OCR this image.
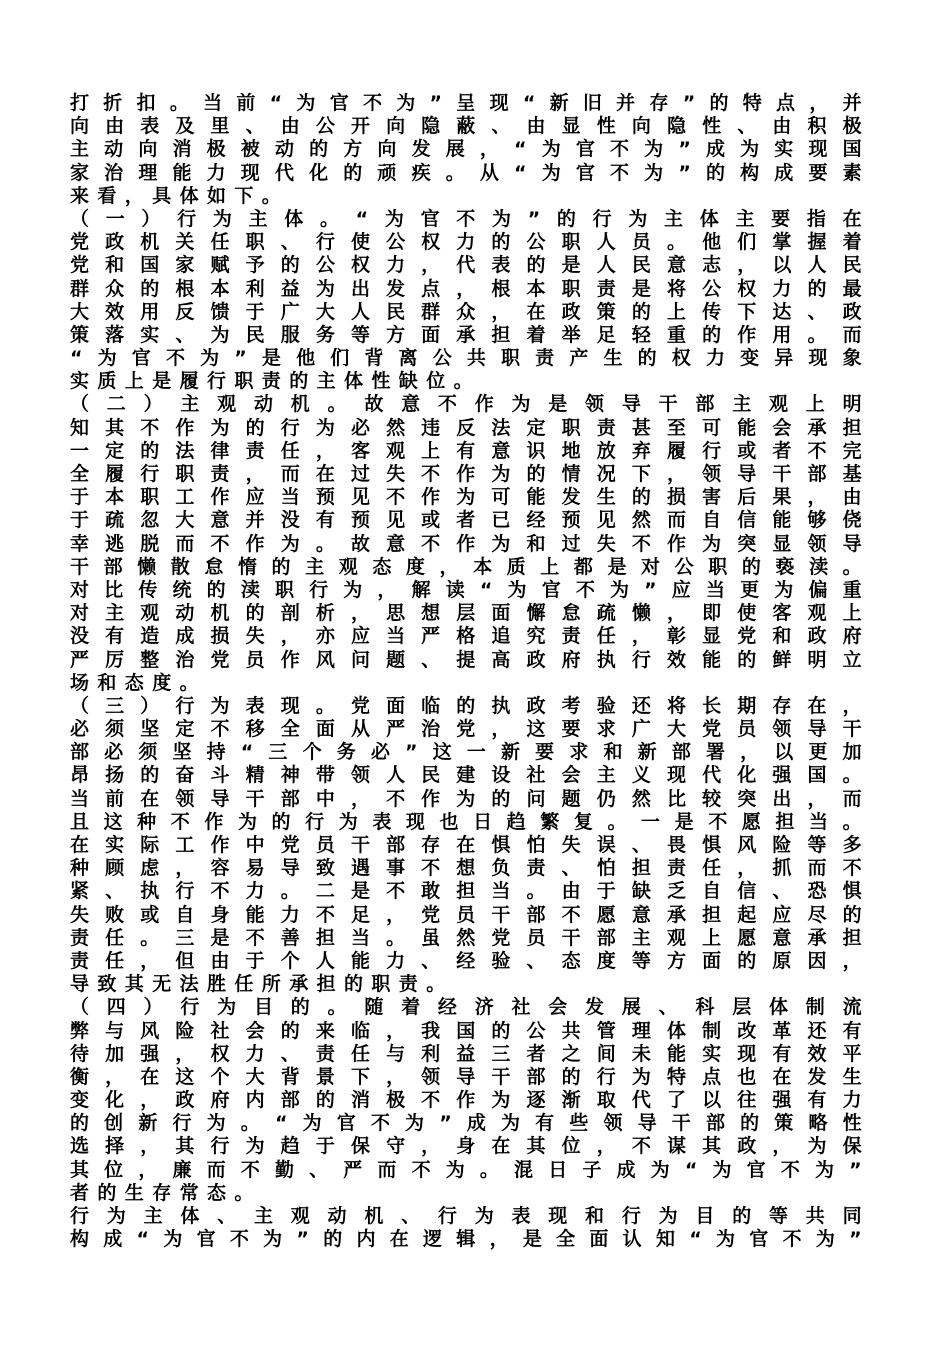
打折扣。当前“为官不为”呈现“新旧并存”的特点，并
向由表及里、由公开向隐蔽、由显性向隐性、由积极
主动向消极被动的方向发展，“为官不为”成为实现国
家治理能力现代化的顽疾。从“为官不为”的构成要素
来看，具体如下。
（一）行为主体。“为官不为”的行为主体主要指在
党政机关任职、行使公权力的公职人员。他们掌握着
党和国家赋予的公权力，代表的是人民意志，以人民
群众的根本利益为出发点，根本职责是将公权力的最
大效用反馈于广大人民群众，在政策的上传下达、政
策落实、为民服务等方面承担着举足轻重的作用。而
“为官不为”是他们背离公共职责产生的权力变异现象
实质上是履行职责的主体性缺位。
（二）主观动机。故意不作为是领导干部主观上明
知其不作为的行为必然违反法定职责甚至可能会承担
一定的法律责任，客观上有意识地放弃履行或者不完
全履行职责，而在过失不作为的情况下，领导干部基
于本职工作应当预见不作为可能发生的损害后果，由
于疏忽大意并没有预见或者已经预见然而自信能够侥
幸逃脱而不作为。故意不作为和过失不作为突显领导
干部懒散怠惰的主观态度，本质上都是对公职的亵渎。
对比传统的渎职行为，解读“为官不为”应当更为偏重
对主观动机的剖析，思想层面懈怠疏懒，即使客观上
没有造成损失，亦应当严格追究责任，彰显党和政府
严厉整治党员作风问题、提高政府执行效能的鲜明立
场和态度。
（三）行为表现。党面临的执政考验还将长期存在，
必须坚定不移全面从严治党，这要求广大党员领导干
部必须坚持“三个务必”这一新要求和新部署，以更加
昂扬的奋斗精神带领人民建设社会主义现代化强国。
当前在领导干部中，不作为的问题仍然比较突出，而
且这种不作为的行为表现也日趋繁复。一是不愿担当。
在实际工作中党员干部存在惧怕失误、畏惧风险等多
种顾虑，容易导致遇事不想负责、怕担责任，抓而不
紧、执行不力。二是不敢担当。由于缺乏自信、恐惧
失败或自身能力不足，党员干部不愿意承担起应尽的
责任。三是不善担当。虽然党员干部主观上愿意承担
责任，但由于个人能力、经验、态度等方面的原因，
导致其无法胜任所承担的职责。
（四）行为目的。随着经济社会发展、科层体制流
弊与风险社会的来临，我国的公共管理体制改革还有
待加强，权力、责任与利益三者之间未能实现有效平
衡，在这个大背景下，领导干部的行为特点也在发生
变化，政府内部的消极不作为逐渐取代了以往强有力
的创新行为。“为官不为”成为有些领导干部的策略性
选择，其行为趋于保守，身在其位，不谋其政，为保
其位，廉而不勤、严而不为。混日子成为“为官不为”
者的生存常态。
行为主体、主观动机、行为表现和行为目的等共同
构成“为官不为”的内在逻辑，是全面认知“为官不为”
